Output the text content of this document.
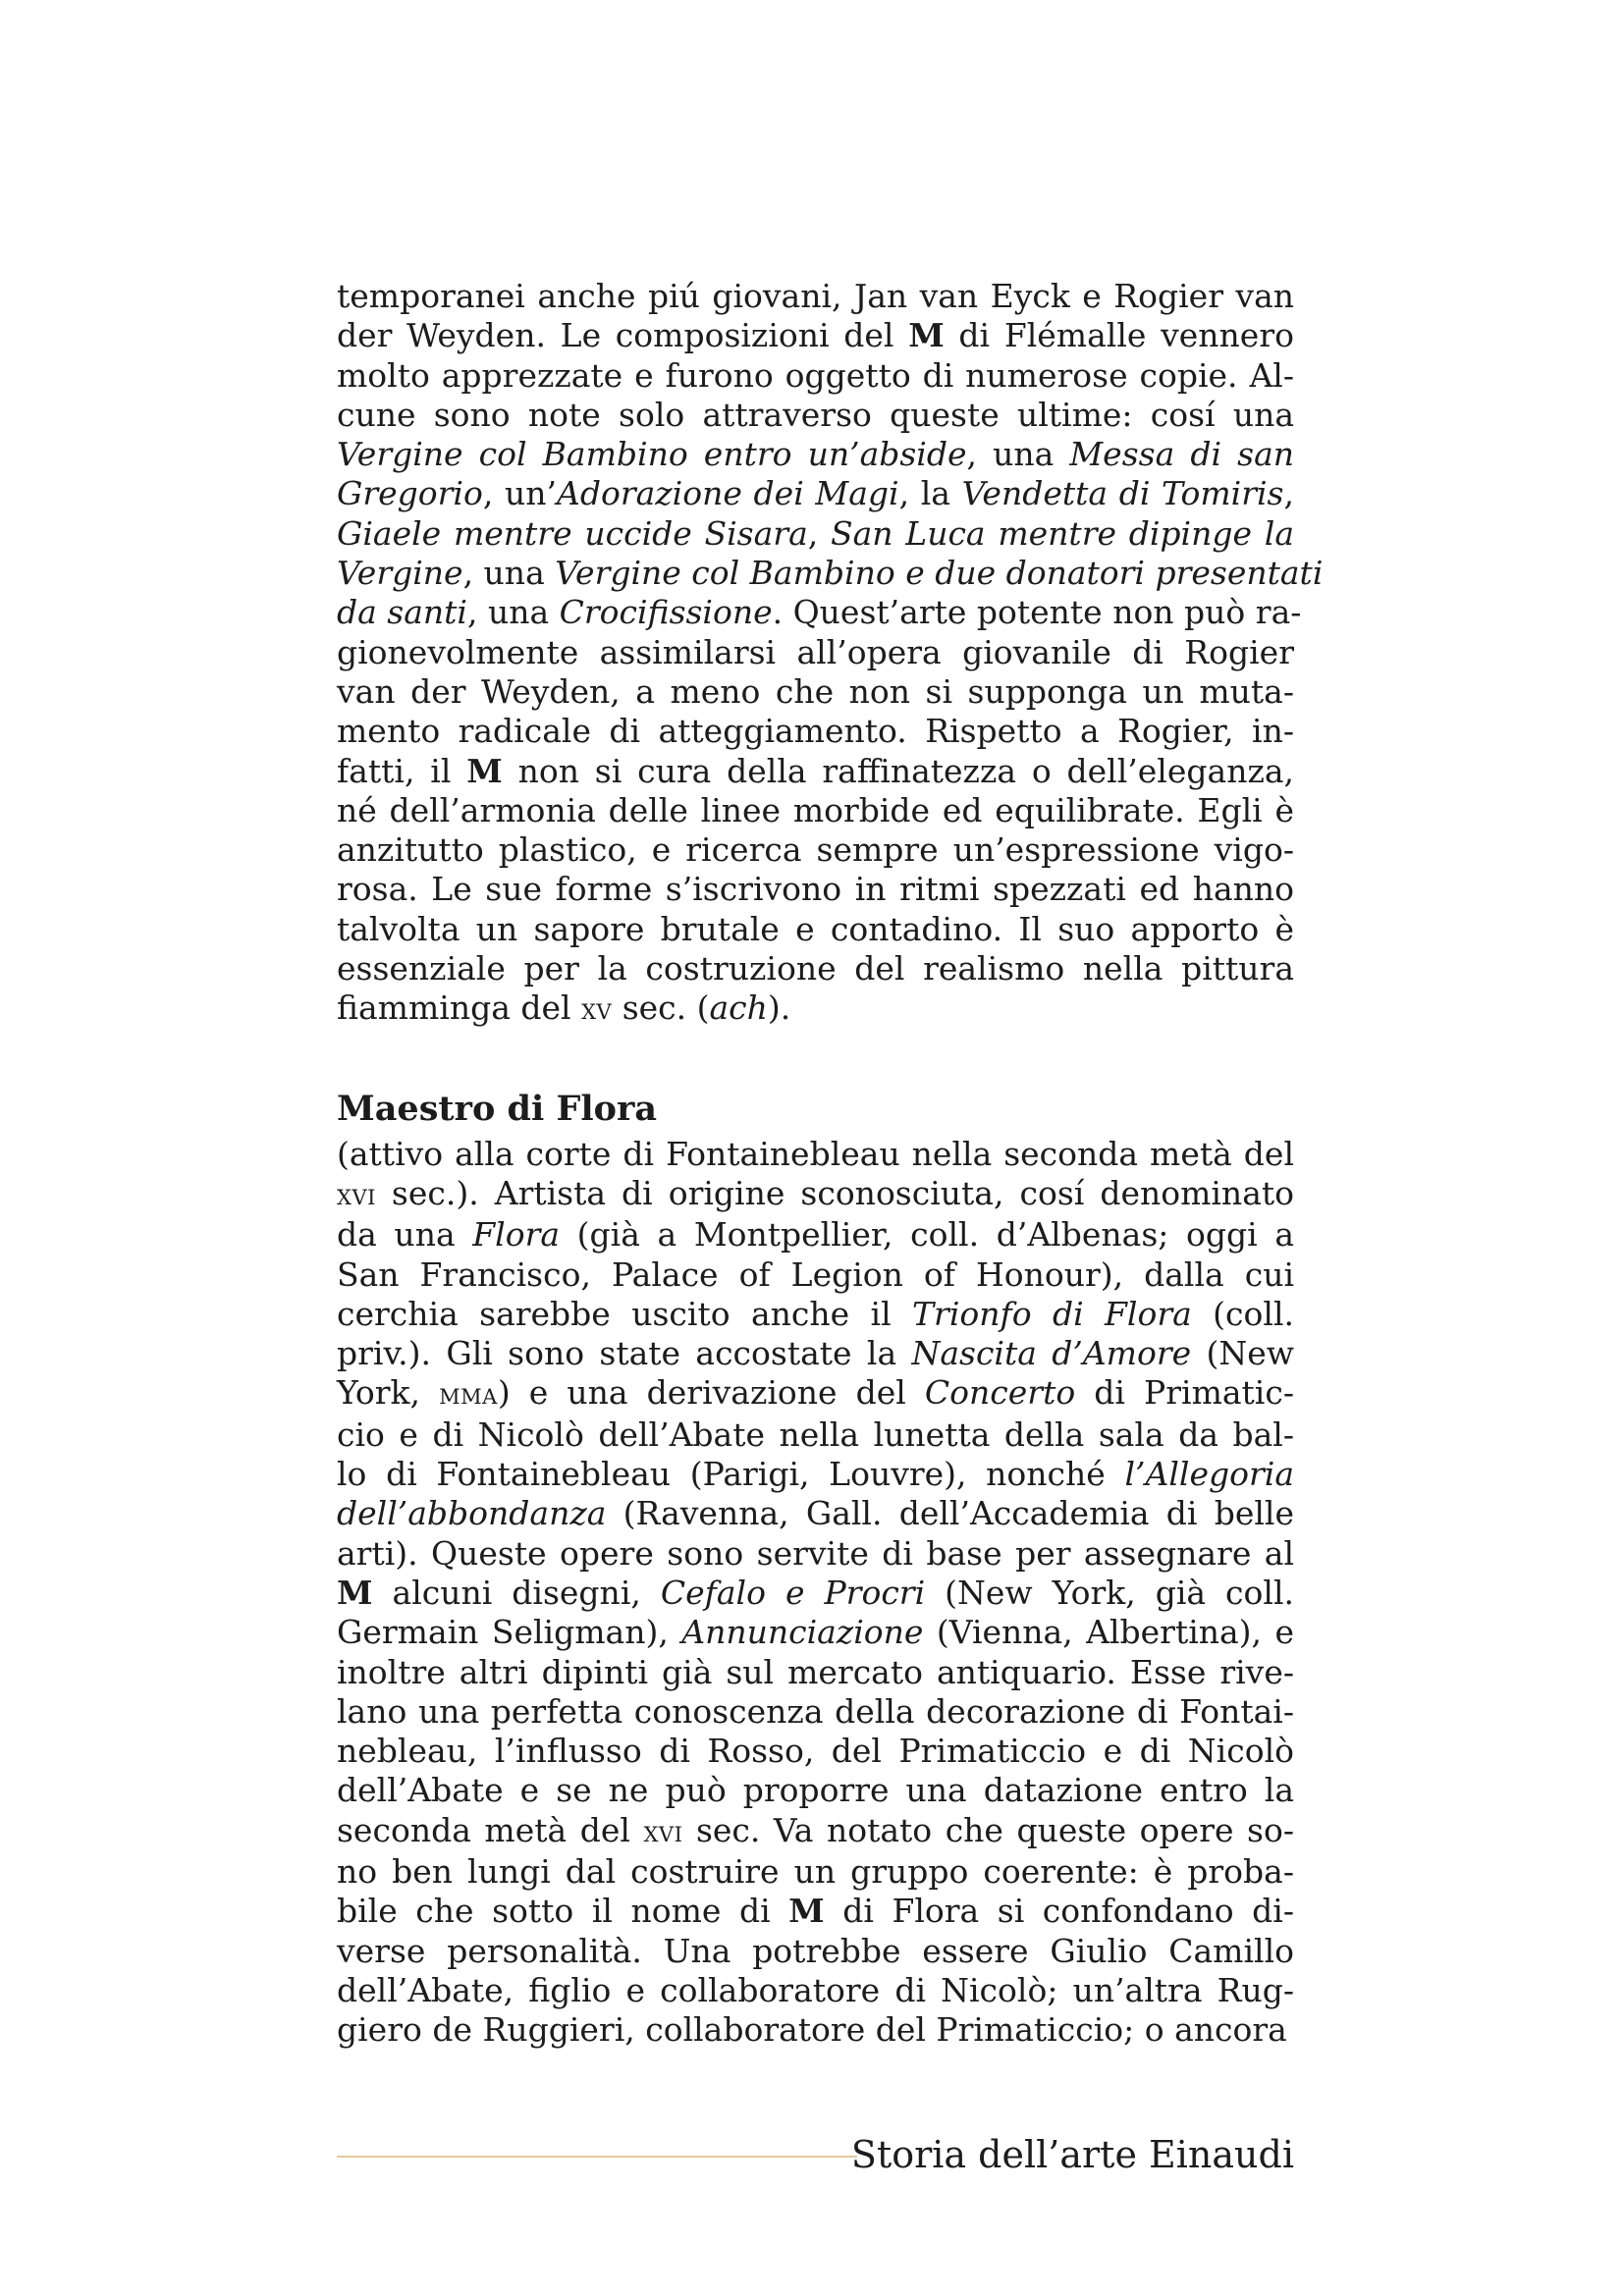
temporanei anche piú giovani, Jan van Eyck e Rogier van
der Weyden. Le composizioni del M di Flémalle vennero
molto apprezzate e furono oggetto di numerose copie. Al-
cune sono note solo attraverso queste ultime: cosí una
Vergine col Bambino entro un’abside, una Messa di san
Gregorio, un’Adorazione dei Magi, la Vendetta di Tomiris,
Giaele mentre uccide Sisara, San Luca mentre dipinge la
Vergine, una Vergine col Bambino e due donatori presentati
da santi, una Crocifissione. Quest’arte potente non può ra-
gionevolmente assimilarsi all’opera giovanile di Rogier
van der Weyden, a meno che non si supponga un muta-
mento radicale di atteggiamento. Rispetto a Rogier, in-
fatti, il M non si cura della raffinatezza o dell’eleganza,
né dell’armonia delle linee morbide ed equilibrate. Egli è
anzitutto plastico, e ricerca sempre un’espressione vigo-
rosa. Le sue forme s’iscrivono in ritmi spezzati ed hanno
talvolta un sapore brutale e contadino. Il suo apporto è
essenziale per la costruzione del realismo nella pittura
fiamminga del xv sec. (ach).
Maestro di Flora
(attivo alla corte di Fontainebleau nella seconda metà del
xvi sec.). Artista di origine sconosciuta, cosí denominato
da una Flora (già a Montpellier, coll. d’Albenas; oggi a
San Francisco, Palace of Legion of Honour), dalla cui
cerchia sarebbe uscito anche il Trionfo di Flora (coll.
priv.). Gli sono state accostate la Nascita d’Amore (New
York, mma) e una derivazione del Concerto di Primatic-
cio e di Nicolò dell’Abate nella lunetta della sala da bal-
lo di Fontainebleau (Parigi, Louvre), nonché l’Allegoria
dell’abbondanza (Ravenna, Gall. dell’Accademia di belle
arti). Queste opere sono servite di base per assegnare al
M alcuni disegni, Cefalo e Procri (New York, già coll.
Germain Seligman), Annunciazione (Vienna, Albertina), e
inoltre altri dipinti già sul mercato antiquario. Esse rive-
lano una perfetta conoscenza della decorazione di Fontai-
nebleau, l’influsso di Rosso, del Primaticcio e di Nicolò
dell’Abate e se ne può proporre una datazione entro la
seconda metà del xvi sec. Va notato che queste opere so-
no ben lungi dal costruire un gruppo coerente: è proba-
bile che sotto il nome di M di Flora si confondano di-
verse personalità. Una potrebbe essere Giulio Camillo
dell’Abate, figlio e collaboratore di Nicolò; un’altra Rug-
giero de Ruggieri, collaboratore del Primaticcio; o ancora
Storia dell’arte Einaudi
